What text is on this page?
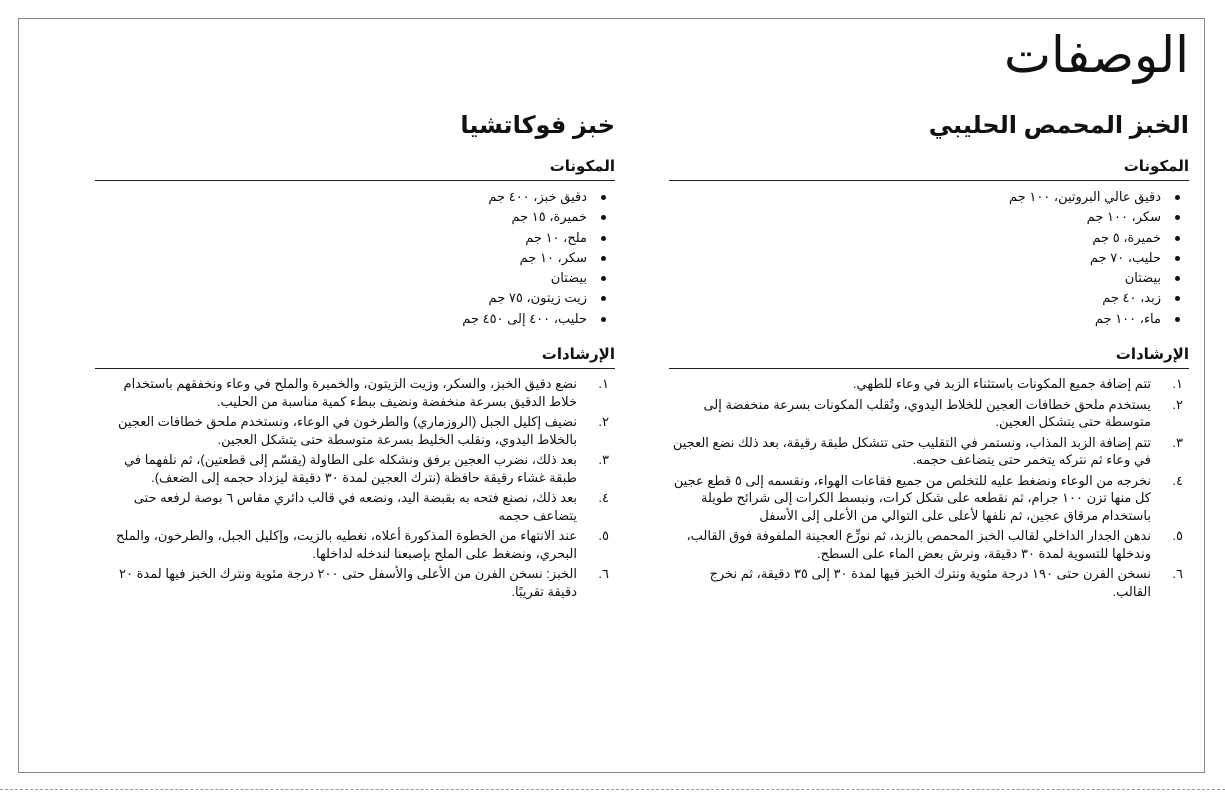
الوصفات
الخبز المحمص الحليبي
المكونات
دقيق عالي البروتين، ١٠٠ جم
سكر، ١٠٠ جم
خميرة، ٥ جم
حليب، ٧٠ جم
بيضتان
زبد، ٤٠ جم
ماء، ١٠٠ جم
الإرشادات
١.
تتم إضافة جميع المكونات باستثناء الزبد في وعاء للطهي.
٢.
يستخدم ملحق خطافات العجين للخلاط اليدوي، وتُقلب المكونات بسرعة منخفضة إلى متوسطة حتى يتشكل العجين.
٣.
تتم إضافة الزبد المذاب، ونستمر في التقليب حتى تتشكل طبقة رقيقة، بعد ذلك نضع العجين في وعاء ثم نتركه يتخمر حتى يتضاعف حجمه.
٤.
نخرجه من الوعاء ونضغط عليه للتخلص من جميع فقاعات الهواء، ونقسمه إلى ٥ قطع عجين كل منها تزن ١٠٠ جرام، ثم نقطعه على شكل كرات، ونبسط الكرات إلى شرائح طويلة باستخدام مرقاق عجين، ثم نلفها لأعلى على التوالي من الأعلى إلى الأسفل
٥.
ندهن الجدار الداخلي لقالب الخبز المحمص بالزبد، ثم نوزِّع العجينة الملفوفة فوق القالب، وندخلها للتسوية لمدة ٣٠ دقيقة، ونرش بعض الماء على السطح.
٦.
نسخن الفرن حتى ١٩٠ درجة مئوية ونترك الخبز فيها لمدة ٣٠ إلى ٣٥ دقيقة، ثم نخرج القالب.
خبز فوكاتشيا
المكونات
دقيق خبز، ٤٠٠ جم
خميرة، ١٥ جم
ملح، ١٠ جم
سكر، ١٠ جم
بيضتان
زيت زيتون، ٧٥ جم
حليب، ٤٠٠ إلى ٤٥٠ جم
الإرشادات
١.
نضع دقيق الخبز، والسكر، وزيت الزيتون، والخميرة والملح في وعاء ونخفقهم باستخدام خلاط الدقيق بسرعة منخفضة ونضيف ببطء كمية مناسبة من الحليب.
٢.
نضيف إكليل الجبل (الروزماري) والطرخون في الوعاء، ونستخدم ملحق خطافات العجين بالخلاط اليدوي، ونقلب الخليط بسرعة متوسطة حتى يتشكل العجين.
٣.
بعد ذلك، نضرب العجين برفق ونشكله على الطاولة (يقسّم إلى قطعتين)، ثم نلفهما في طبقة غشاء رقيقة حافظة (نترك العجين لمدة ٣٠ دقيقة ليزداد حجمه إلى الضعف).
٤.
بعد ذلك، نصنع فتحه به بقبضة اليد، ونضعه في قالب دائري مقاس ٦ بوصة لرفعه حتى يتضاعف حجمه
٥.
عند الانتهاء من الخطوة المذكورة أعلاه، نغطيه بالزيت، وإكليل الجبل، والطرخون، والملح البحري، ونضغط على الملح بإصبعنا لندخله لداخلها.
٦.
الخبز: نسخن الفرن من الأعلى والأسفل حتى ٢٠٠ درجة مئوية ونترك الخبز فيها لمدة ٢٠ دقيقة تقريبًا.
